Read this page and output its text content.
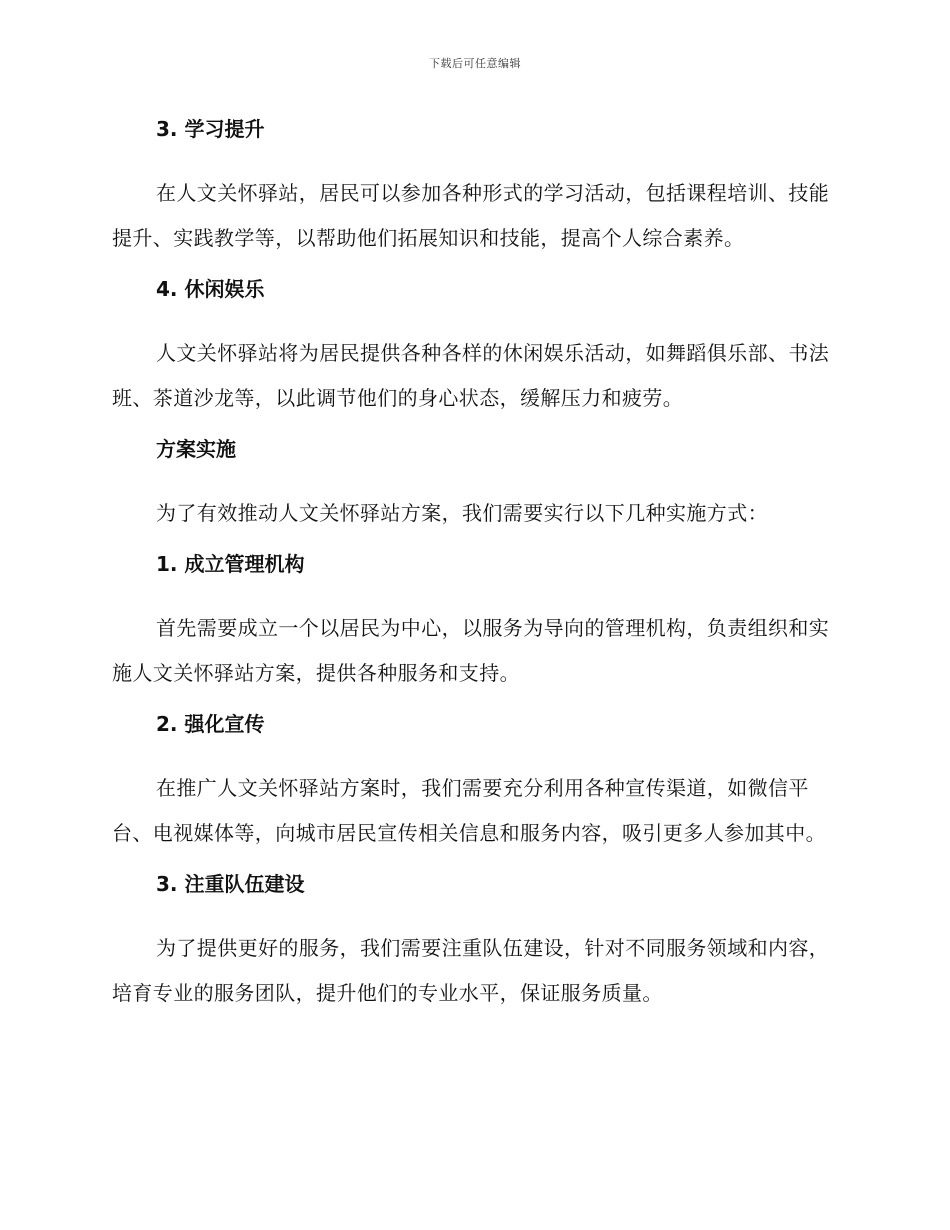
下载后可任意编辑
3. 学习提升
在人文关怀驿站，居民可以参加各种形式的学习活动，包括课程培训、技能提升、实践教学等，以帮助他们拓展知识和技能，提高个人综合素养。
4. 休闲娱乐
人文关怀驿站将为居民提供各种各样的休闲娱乐活动，如舞蹈俱乐部、书法班、茶道沙龙等，以此调节他们的身心状态，缓解压力和疲劳。
方案实施
为了有效推动人文关怀驿站方案，我们需要实行以下几种实施方式：
1. 成立管理机构
首先需要成立一个以居民为中心，以服务为导向的管理机构，负责组织和实施人文关怀驿站方案，提供各种服务和支持。
2. 强化宣传
在推广人文关怀驿站方案时，我们需要充分利用各种宣传渠道，如微信平台、电视媒体等，向城市居民宣传相关信息和服务内容，吸引更多人参加其中。
3. 注重队伍建设
为了提供更好的服务，我们需要注重队伍建设，针对不同服务领域和内容，培育专业的服务团队，提升他们的专业水平，保证服务质量。
